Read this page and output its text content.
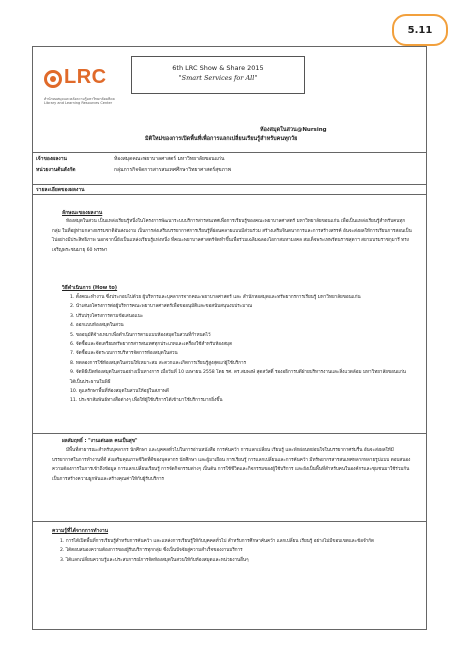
5.11
LRC
สำนักหอสมุดและคลังความรู้มหาวิทยาลัยมหิดล
Library and Learning Resources Center
6th LRC Show & Share 2015
"Smart Services for All"
ห้องสมุดในสวน@Nursing
มิติใหม่ของการเปิดพื้นที่เพื่อการแลกเปลี่ยนเรียนรู้สำหรับคนทุกวัย
เจ้าของผลงาน	ห้องสมุดคณะพยาบาลศาสตร์ มหาวิทยาลัยขอนแก่น
หน่วยงานต้นสังกัด	กลุ่มภารกิจจัดการสารสนเทศศึกษาวิทยาศาสตร์สุขภาพ
รายละเอียดของผลงาน
ลักษณะของผลงาน
ห้องสมุดในสวน เป็นแหล่งเรียนรู้หนึ่งในโครงการพัฒนาระบบบริการสารสนเทศเพื่อการเรียนรู้ของคณะพยาบาลศาสตร์ มหาวิทยาลัยขอนแก่น เพื่อเป็นแหล่งเรียนรู้สำหรับคนทุกกลุ่ม ในที่อยู่ท่ามกลางธรรมชาติอันสงบงาม เป็นการส่งเสริมบรรยากาศการเรียนรู้ที่ผ่อนคลายแบบมีส่วนร่วม สร้างเสริมจินตนาการและการสร้างสรรค์ อันจะส่งผลให้การเรียนการสอนเป็นไปอย่างมีประสิทธิภาพ นอกจากนี้ยังเป็นแหล่งเรียนรู้แห่งหนึ่ง ที่คณะพยาบาลศาสตร์จัดทำขึ้นเพื่อร่วมเฉลิมฉลองโอกาสมหามงคล สมเด็จพระเทพรัตนราชสุดาฯ สยามบรมราชกุมารี ทรงเจริญพระชนมายุ 60 พรรษา
วิธีดำเนินการ (How to)
1. ตั้งคณะทำงาน ซึ่งประกอบไปด้วย ผู้บริหารและบุคลากรจากคณะพยาบาลศาสตร์ และ สำนักหอสมุดและทรัพยากรการเรียนรู้ มหาวิทยาลัยขอนแก่น
2. นำเสนอโครงการต่อผู้บริหารคณะพยาบาลศาสตร์เพื่อขออนุมัติและขอสนับสนุนงบประมาณ
3. ปรับปรุงโครงการตามข้อเสนอแนะ
4. ออกแบบห้องสมุดในสวน
5. ขออนุมัติจ้างเหมาเพื่อดำเนินการตามแบบห้องสมุดในสวนที่กำหนดไว้
6. จัดซื้อและจัดเตรียมทรัพยากรสารสนเทศทุกประเภทและเครื่องใช้สำหรับห้องสมุด
7. จัดซื้อและจัดระบบการบริหารจัดการห้องสมุดในสวน
8. ทดลองการใช้ห้องสมุดในสวนให้เหมาะสม สะดวกและเกิดการเรียนรู้สูงสุดแก่ผู้ใช้บริการ
9. จัดพิธีเปิดห้องสมุดในสวนอย่างเป็นทางการ เมื่อวันที่ 10 เมษายน 2558 โดย รศ. ดร.สมพงษ์ สุดสวัสดิ์ รองอธิการบดีฝ่ายบริหารงานและสิ่งแวดล้อม มหาวิทยาลัยขอนแก่น ได้เป็นประธานในพิธี
10. ดูแลรักษาพื้นที่ห้องสมุดในสวนให้อยู่ในสภาพดี
11. ประชาสัมพันธ์ทางสื่อต่างๆ เพื่อให้ผู้ใช้บริการได้เข้ามาใช้บริการมากยิ่งขึ้น
ผลสัมฤทธิ์ : "งานเด่นผล คนเป็นสุข"
มีพื้นที่สาธารณะสำหรับบุคลากร นักศึกษา และบุคคลทั่วไปในการอ่านหนังสือ การค้นคว้า การแลกเปลี่ยน เรียนรู้ และพักผ่อนหย่อนใจในบรรยากาศร่มรื่น อันจะส่งผลให้มีบรรยากาศในการทำงานที่ดี ส่งเสริมคุณภาพชีวิตที่ดีของบุคลากร นักศึกษา และผู้มาเยือน การเรียนรู้ การแลกเปลี่ยนและการค้นคว้า มีทรัพยากรสารสนเทศหลากหลายรูปแบบ ตอบสนองความต้องการในการเข้าถึงข้อมูล การแลกเปลี่ยนเรียนรู้ การจัดกิจกรรมต่างๆ เป็นต้น การใช้ชีวิตและกิจกรรมของผู้ใช้บริการ และยังเป็นพื้นที่สำหรับคนในองค์กรและชุมชนมาใช้ร่วมกัน เป็นการสร้างความผูกพันและสร้างคุณค่าให้กับผู้รับบริการ
ความรู้ที่ได้จากการทำงาน
1. การได้เปิดพื้นที่การเรียนรู้สำหรับการค้นคว้า และแหล่งการเรียนรู้ให้กับบุคคลทั่วไป สำหรับการศึกษาค้นคว้า แลกเปลี่ยน เรียนรู้ อย่างไม่มีขอบเขตและข้อจำกัด
2. ได้ตอบสนองความต้องการของผู้รับบริการทุกกลุ่ม ซึ่งเป็นปัจจัยสู่ความสำเร็จของงานบริการ
3. ได้แลกเปลี่ยนความรู้และประสบการณ์การจัดห้องสมุดในสวนให้กับห้องสมุดและหน่วยงานอื่นๆ
